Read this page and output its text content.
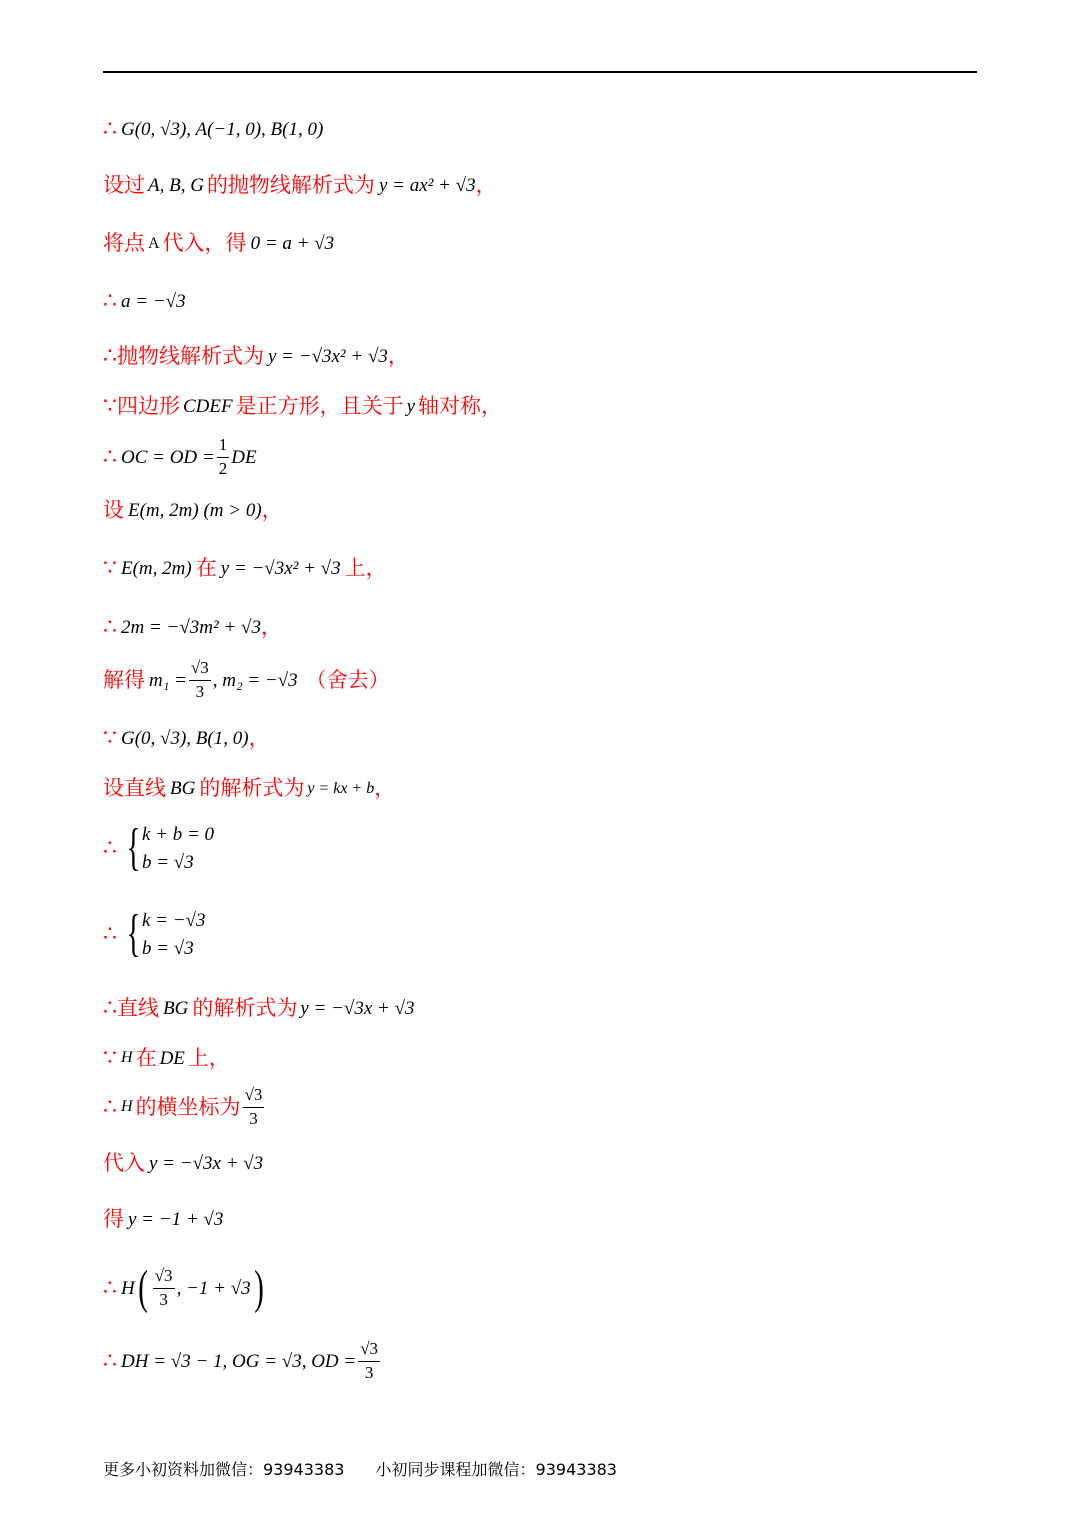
∴ G(0, √3), A(−1, 0), B(1, 0)
设过 A, B, G 的抛物线解析式为 y = ax² + √3 ，
将点 A 代入，得 0 = a + √3
∴ a = −√3
∴ 抛物线解析式为 y = −√3x² + √3 ，
∵ 四边形 CDEF 是正方形，且关于 y 轴对称，
∴ OC = OD = $\frac{1}{2}$ DE
设 E(m, 2m) (m > 0) ，
∵ E(m, 2m) 在 y = −√3x² + √3 上，
∴ 2m = −√3m² + √3 ，
解得 $m_1 = \frac{√3}{3}$ , m₂ = −√3 （舍去）
∵ G(0, √3), B(1, 0) ，
设直线 BG 的解析式为 y = kx + b ，
∴ { k + b = 0
b = √3
∴ { k = −√3
b = √3
∴ 直线 BG 的解析式为 y = −√3x + √3
∵ H 在 DE 上，
∴ H 的横坐标为 $\frac{√3}{3}$
代入 y = −√3x + √3
得 y = −1 + √3
∴ H ( $\frac{√3}{3}$ , −1 + √3 )
∴ DH = √3 − 1, OG = √3, OD = $\frac{√3}{3}$
更多小初资料加微信：93943383 小初同步课程加微信：93943383
